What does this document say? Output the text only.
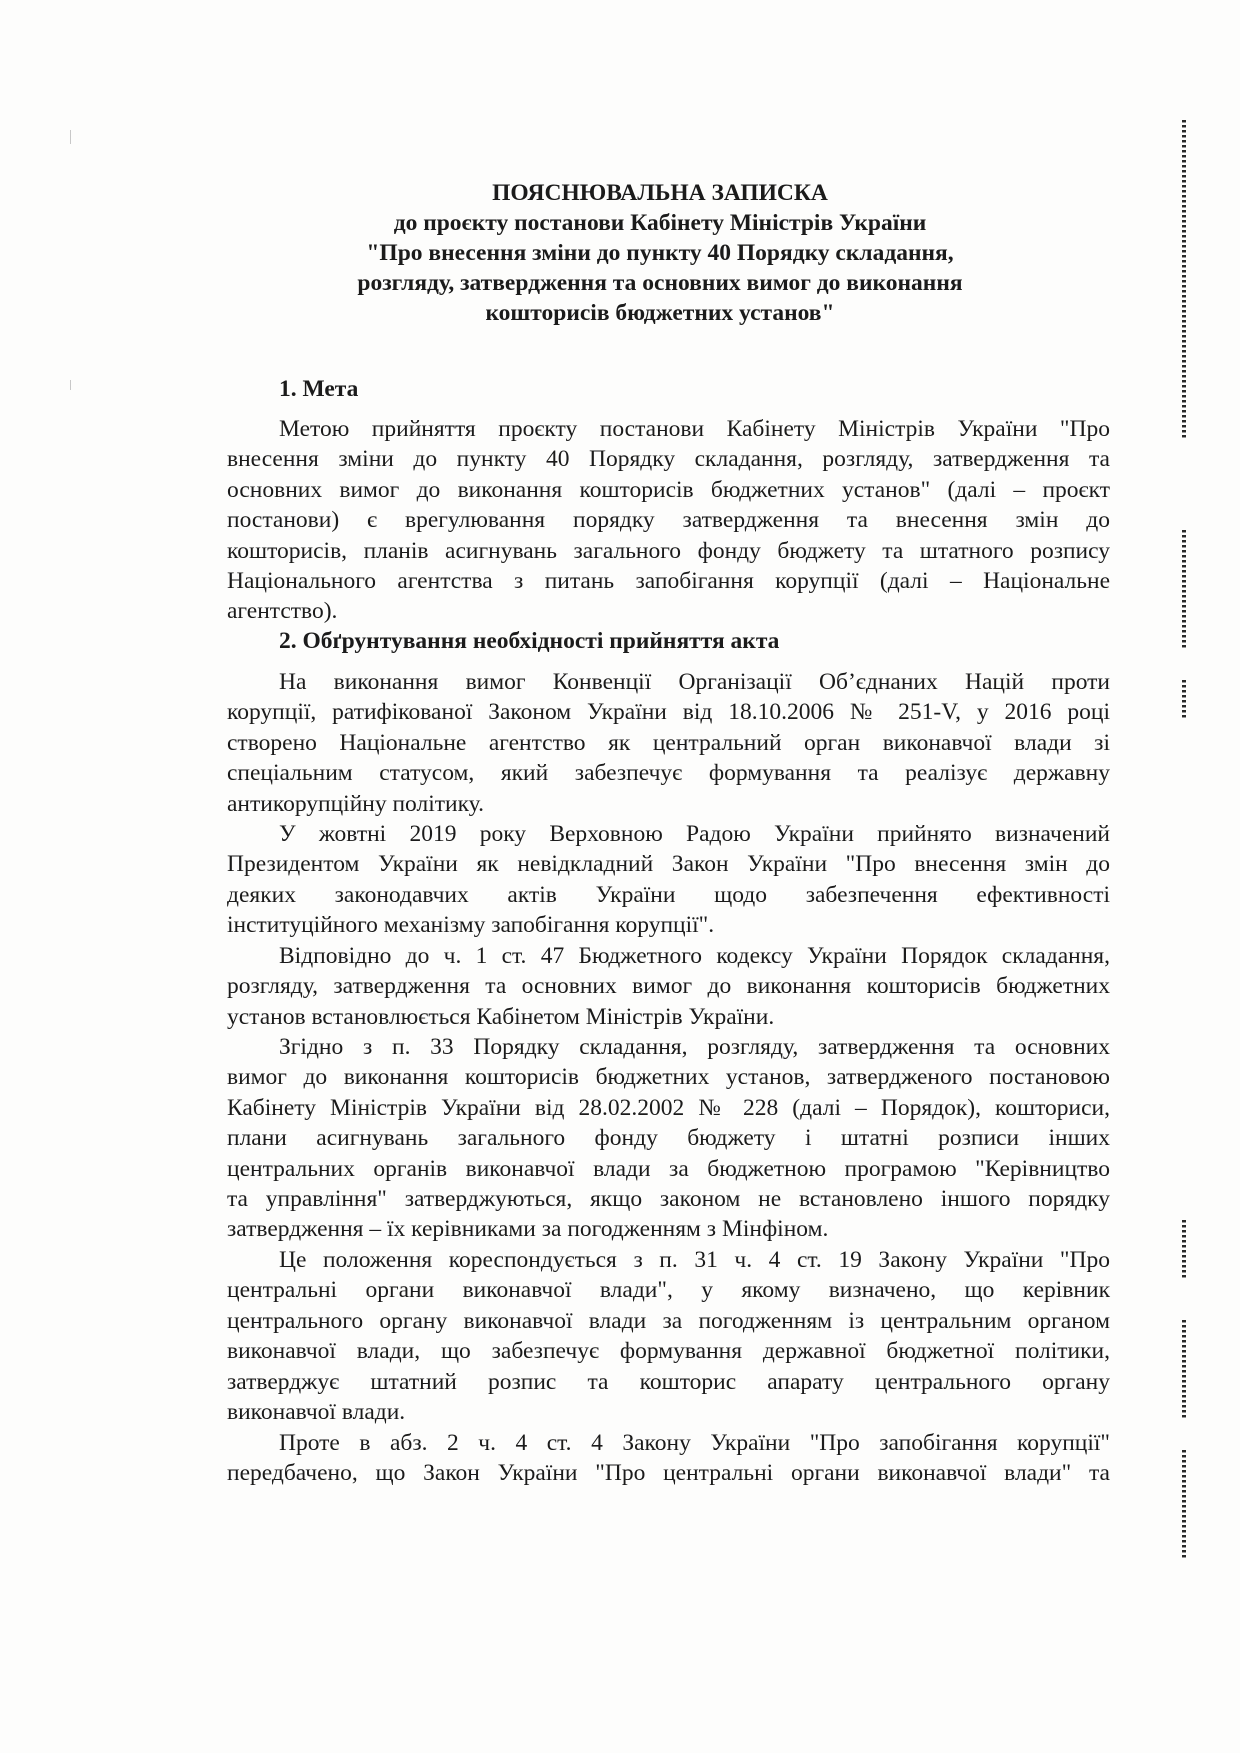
ПОЯСНЮВАЛЬНА ЗАПИСКА
до проєкту постанови Кабінету Міністрів України
"Про внесення зміни до пункту 40 Порядку складання,
розгляду, затвердження та основних вимог до виконання
кошторисів бюджетних установ"
1. Мета
Метою прийняття проєкту постанови Кабінету Міністрів України "Про
внесення зміни до пункту 40 Порядку складання, розгляду, затвердження та
основних вимог до виконання кошторисів бюджетних установ" (далі – проєкт
постанови) є врегулювання порядку затвердження та внесення змін до
кошторисів, планів асигнувань загального фонду бюджету та штатного розпису
Національного агентства з питань запобігання корупції (далі – Національне
агентство).
2. Обґрунтування необхідності прийняття акта
На виконання вимог Конвенції Організації Об’єднаних Націй проти
корупції, ратифікованої Законом України від 18.10.2006 № 251-V, у 2016 році
створено Національне агентство як центральний орган виконавчої влади зі
спеціальним статусом, який забезпечує формування та реалізує державну
антикорупційну політику.
У жовтні 2019 року Верховною Радою України прийнято визначений
Президентом України як невідкладний Закон України "Про внесення змін до
деяких законодавчих актів України щодо забезпечення ефективності
інституційного механізму запобігання корупції".
Відповідно до ч. 1 ст. 47 Бюджетного кодексу України Порядок складання,
розгляду, затвердження та основних вимог до виконання кошторисів бюджетних
установ встановлюється Кабінетом Міністрів України.
Згідно з п. 33 Порядку складання, розгляду, затвердження та основних
вимог до виконання кошторисів бюджетних установ, затвердженого постановою
Кабінету Міністрів України від 28.02.2002 № 228 (далі – Порядок), кошториси,
плани асигнувань загального фонду бюджету і штатні розписи інших
центральних органів виконавчої влади за бюджетною програмою "Керівництво
та управління" затверджуються, якщо законом не встановлено іншого порядку
затвердження – їх керівниками за погодженням з Мінфіном.
Це положення кореспондується з п. 31 ч. 4 ст. 19 Закону України "Про
центральні органи виконавчої влади", у якому визначено, що керівник
центрального органу виконавчої влади за погодженням із центральним органом
виконавчої влади, що забезпечує формування державної бюджетної політики,
затверджує штатний розпис та кошторис апарату центрального органу
виконавчої влади.
Проте в абз. 2 ч. 4 ст. 4 Закону України "Про запобігання корупції"
передбачено, що Закон України "Про центральні органи виконавчої влади" та
